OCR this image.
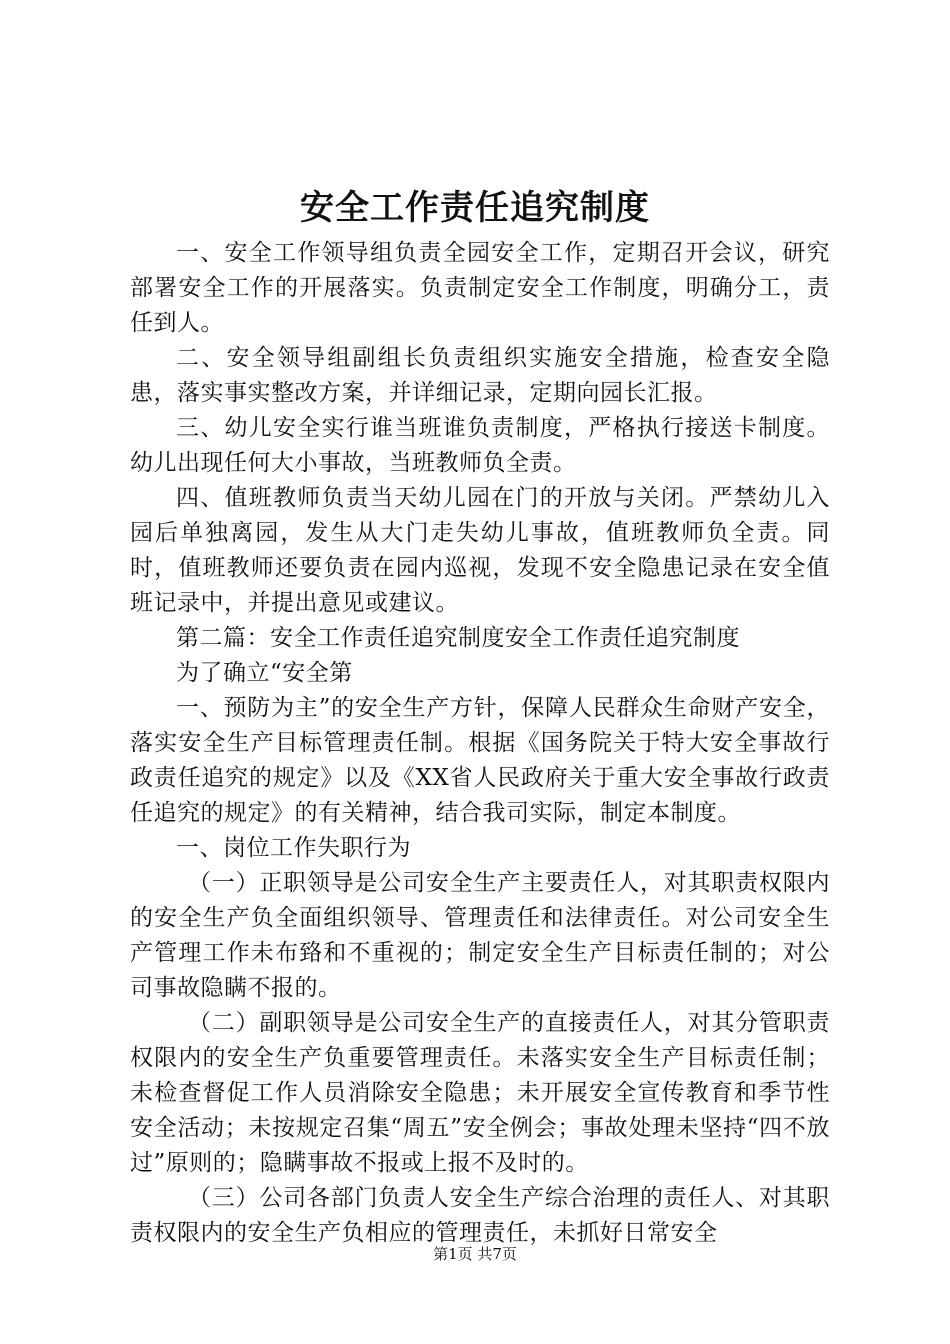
安全工作责任追究制度

一、安全工作领导组负责全园安全工作，定期召开会议，研究部署安全工作的开展落实。负责制定安全工作制度，明确分工，责任到人。

二、安全领导组副组长负责组织实施安全措施，检查安全隐患，落实事实整改方案，并详细记录，定期向园长汇报。

三、幼儿安全实行谁当班谁负责制度，严格执行接送卡制度。幼儿出现任何大小事故，当班教师负全责。

四、值班教师负责当天幼儿园在门的开放与关闭。严禁幼儿入园后单独离园，发生从大门走失幼儿事故，值班教师负全责。同时，值班教师还要负责在园内巡视，发现不安全隐患记录在安全值班记录中，并提出意见或建议。

第二篇：安全工作责任追究制度安全工作责任追究制度

为了确立“安全第

一、预防为主”的安全生产方针，保障人民群众生命财产安全，落实安全生产目标管理责任制。根据《国务院关于特大安全事故行政责任追究的规定》以及《XX省人民政府关于重大安全事故行政责任追究的规定》的有关精神，结合我司实际，制定本制度。

一、岗位工作失职行为

（一）正职领导是公司安全生产主要责任人，对其职责权限内的安全生产负全面组织领导、管理责任和法律责任。对公司安全生产管理工作未布臵和不重视的；制定安全生产目标责任制的；对公司事故隐瞒不报的。

（二）副职领导是公司安全生产的直接责任人，对其分管职责权限内的安全生产负重要管理责任。未落实安全生产目标责任制；未检查督促工作人员消除安全隐患；未开展安全宣传教育和季节性安全活动；未按规定召集“周五”安全例会；事故处理未坚持“四不放过”原则的；隐瞒事故不报或上报不及时的。

（三）公司各部门负责人安全生产综合治理的责任人、对其职责权限内的安全生产负相应的管理责任，未抓好日常安全

第1页 共7页
